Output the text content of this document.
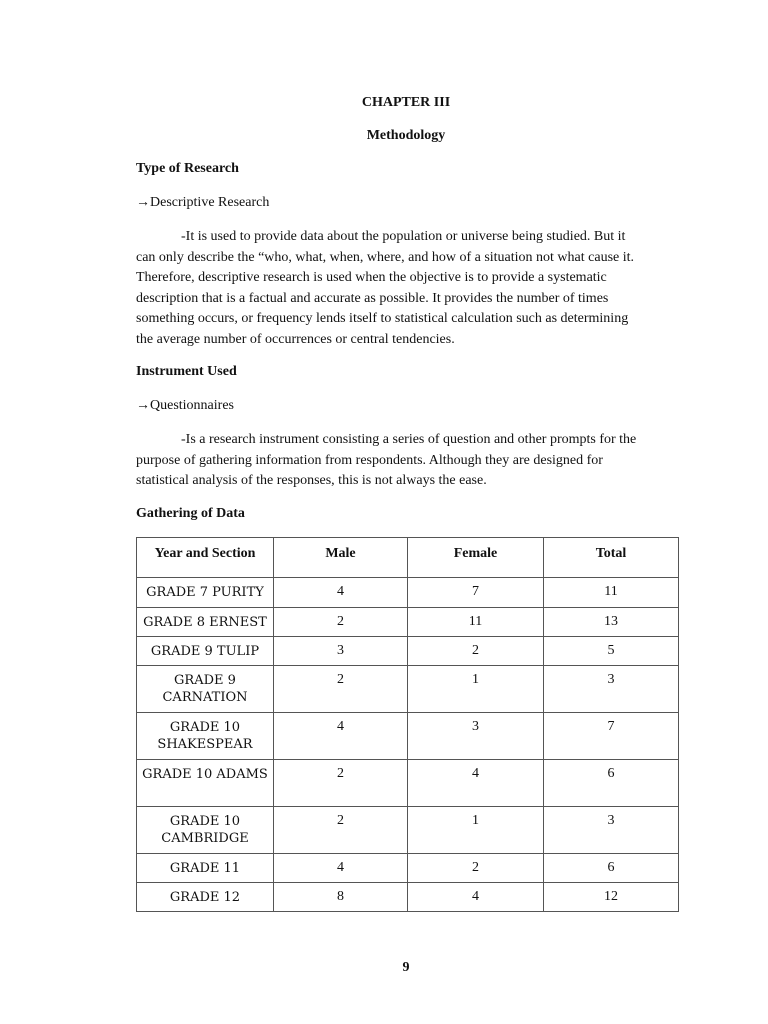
CHAPTER III
Methodology
Type of Research
→Descriptive Research
-It is used to provide data about the population or universe being studied. But it
can only describe the “who, what, when, where, and how of a situation not what cause it.
Therefore, descriptive research is used when the objective is to provide a systematic
description that is a factual and accurate as possible. It provides the number of times
something occurs, or frequency lends itself to statistical calculation such as determining
the average number of occurrences or central tendencies.
Instrument Used
→Questionnaires
-Is a research instrument consisting a series of question and other prompts for the
purpose of gathering information from respondents. Although they are designed for
statistical analysis of the responses, this is not always the ease.
Gathering of Data
Year and Section	Male	Female	Total
GRADE 7 PURITY	4	7	11
GRADE 8 ERNEST	2	11	13
GRADE 9 TULIP	3	2	5
GRADE 9 CARNATION	2	1	3
GRADE 10 SHAKESPEAR	4	3	7
GRADE 10 ADAMS	2	4	6
GRADE 10 CAMBRIDGE	2	1	3
GRADE 11	4	2	6
GRADE 12	8	4	12
9
